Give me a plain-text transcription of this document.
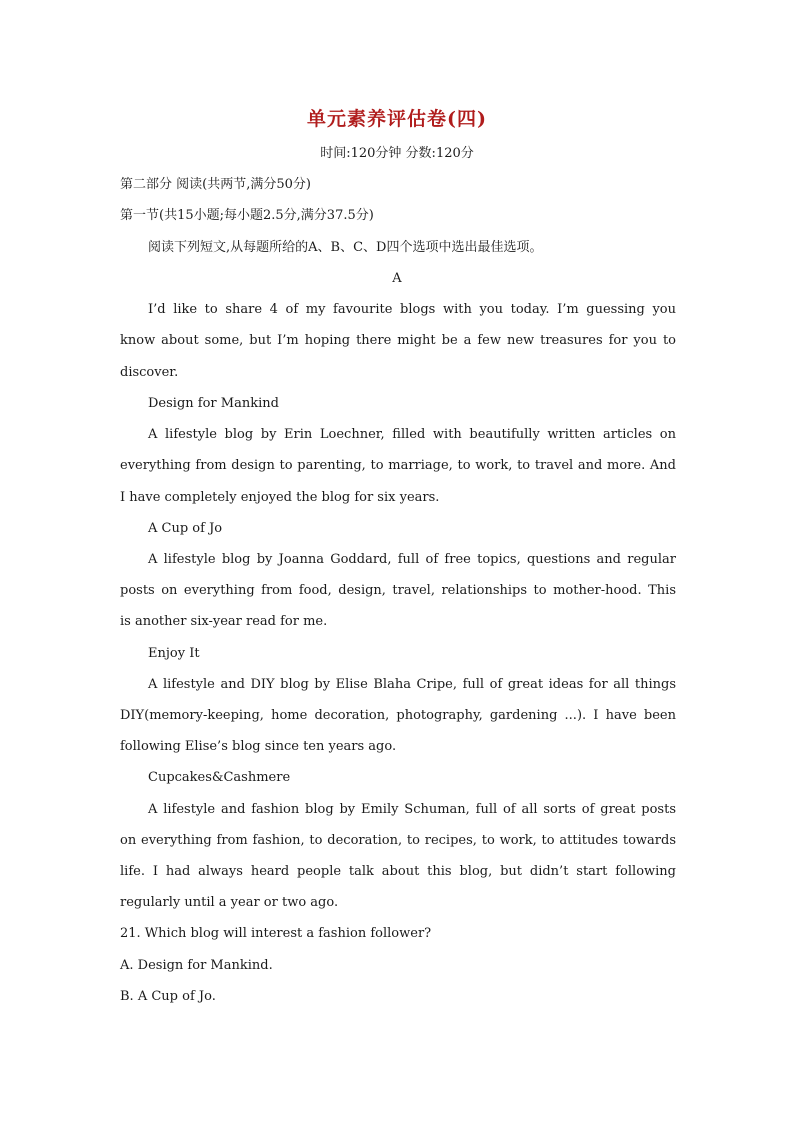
单元素养评估卷(四)
时间:120分钟 分数:120分
第二部分 阅读(共两节,满分50分)
第一节(共15小题;每小题2.5分,满分37.5分)
阅读下列短文,从每题所给的A、B、C、D四个选项中选出最佳选项。
A
I’d like to share 4 of my favourite blogs with you today. I’m guessing you
know about some, but I’m hoping there might be a few new treasures for you to
discover.
Design for Mankind
A lifestyle blog by Erin Loechner, filled with beautifully written articles on
everything from design to parenting, to marriage, to work, to travel and more. And
I have completely enjoyed the blog for six years.
A Cup of Jo
A lifestyle blog by Joanna Goddard, full of free topics, questions and regular
posts on everything from food, design, travel, relationships to mother-hood. This
is another six-year read for me.
Enjoy It
A lifestyle and DIY blog by Elise Blaha Cripe, full of great ideas for all things
DIY(memory-keeping, home decoration, photography, gardening ...). I have been
following Elise’s blog since ten years ago.
Cupcakes&Cashmere
A lifestyle and fashion blog by Emily Schuman, full of all sorts of great posts
on everything from fashion, to decoration, to recipes, to work, to attitudes towards
life. I had always heard people talk about this blog, but didn’t start following
regularly until a year or two ago.
21. Which blog will interest a fashion follower?
A. Design for Mankind.
B. A Cup of Jo.
